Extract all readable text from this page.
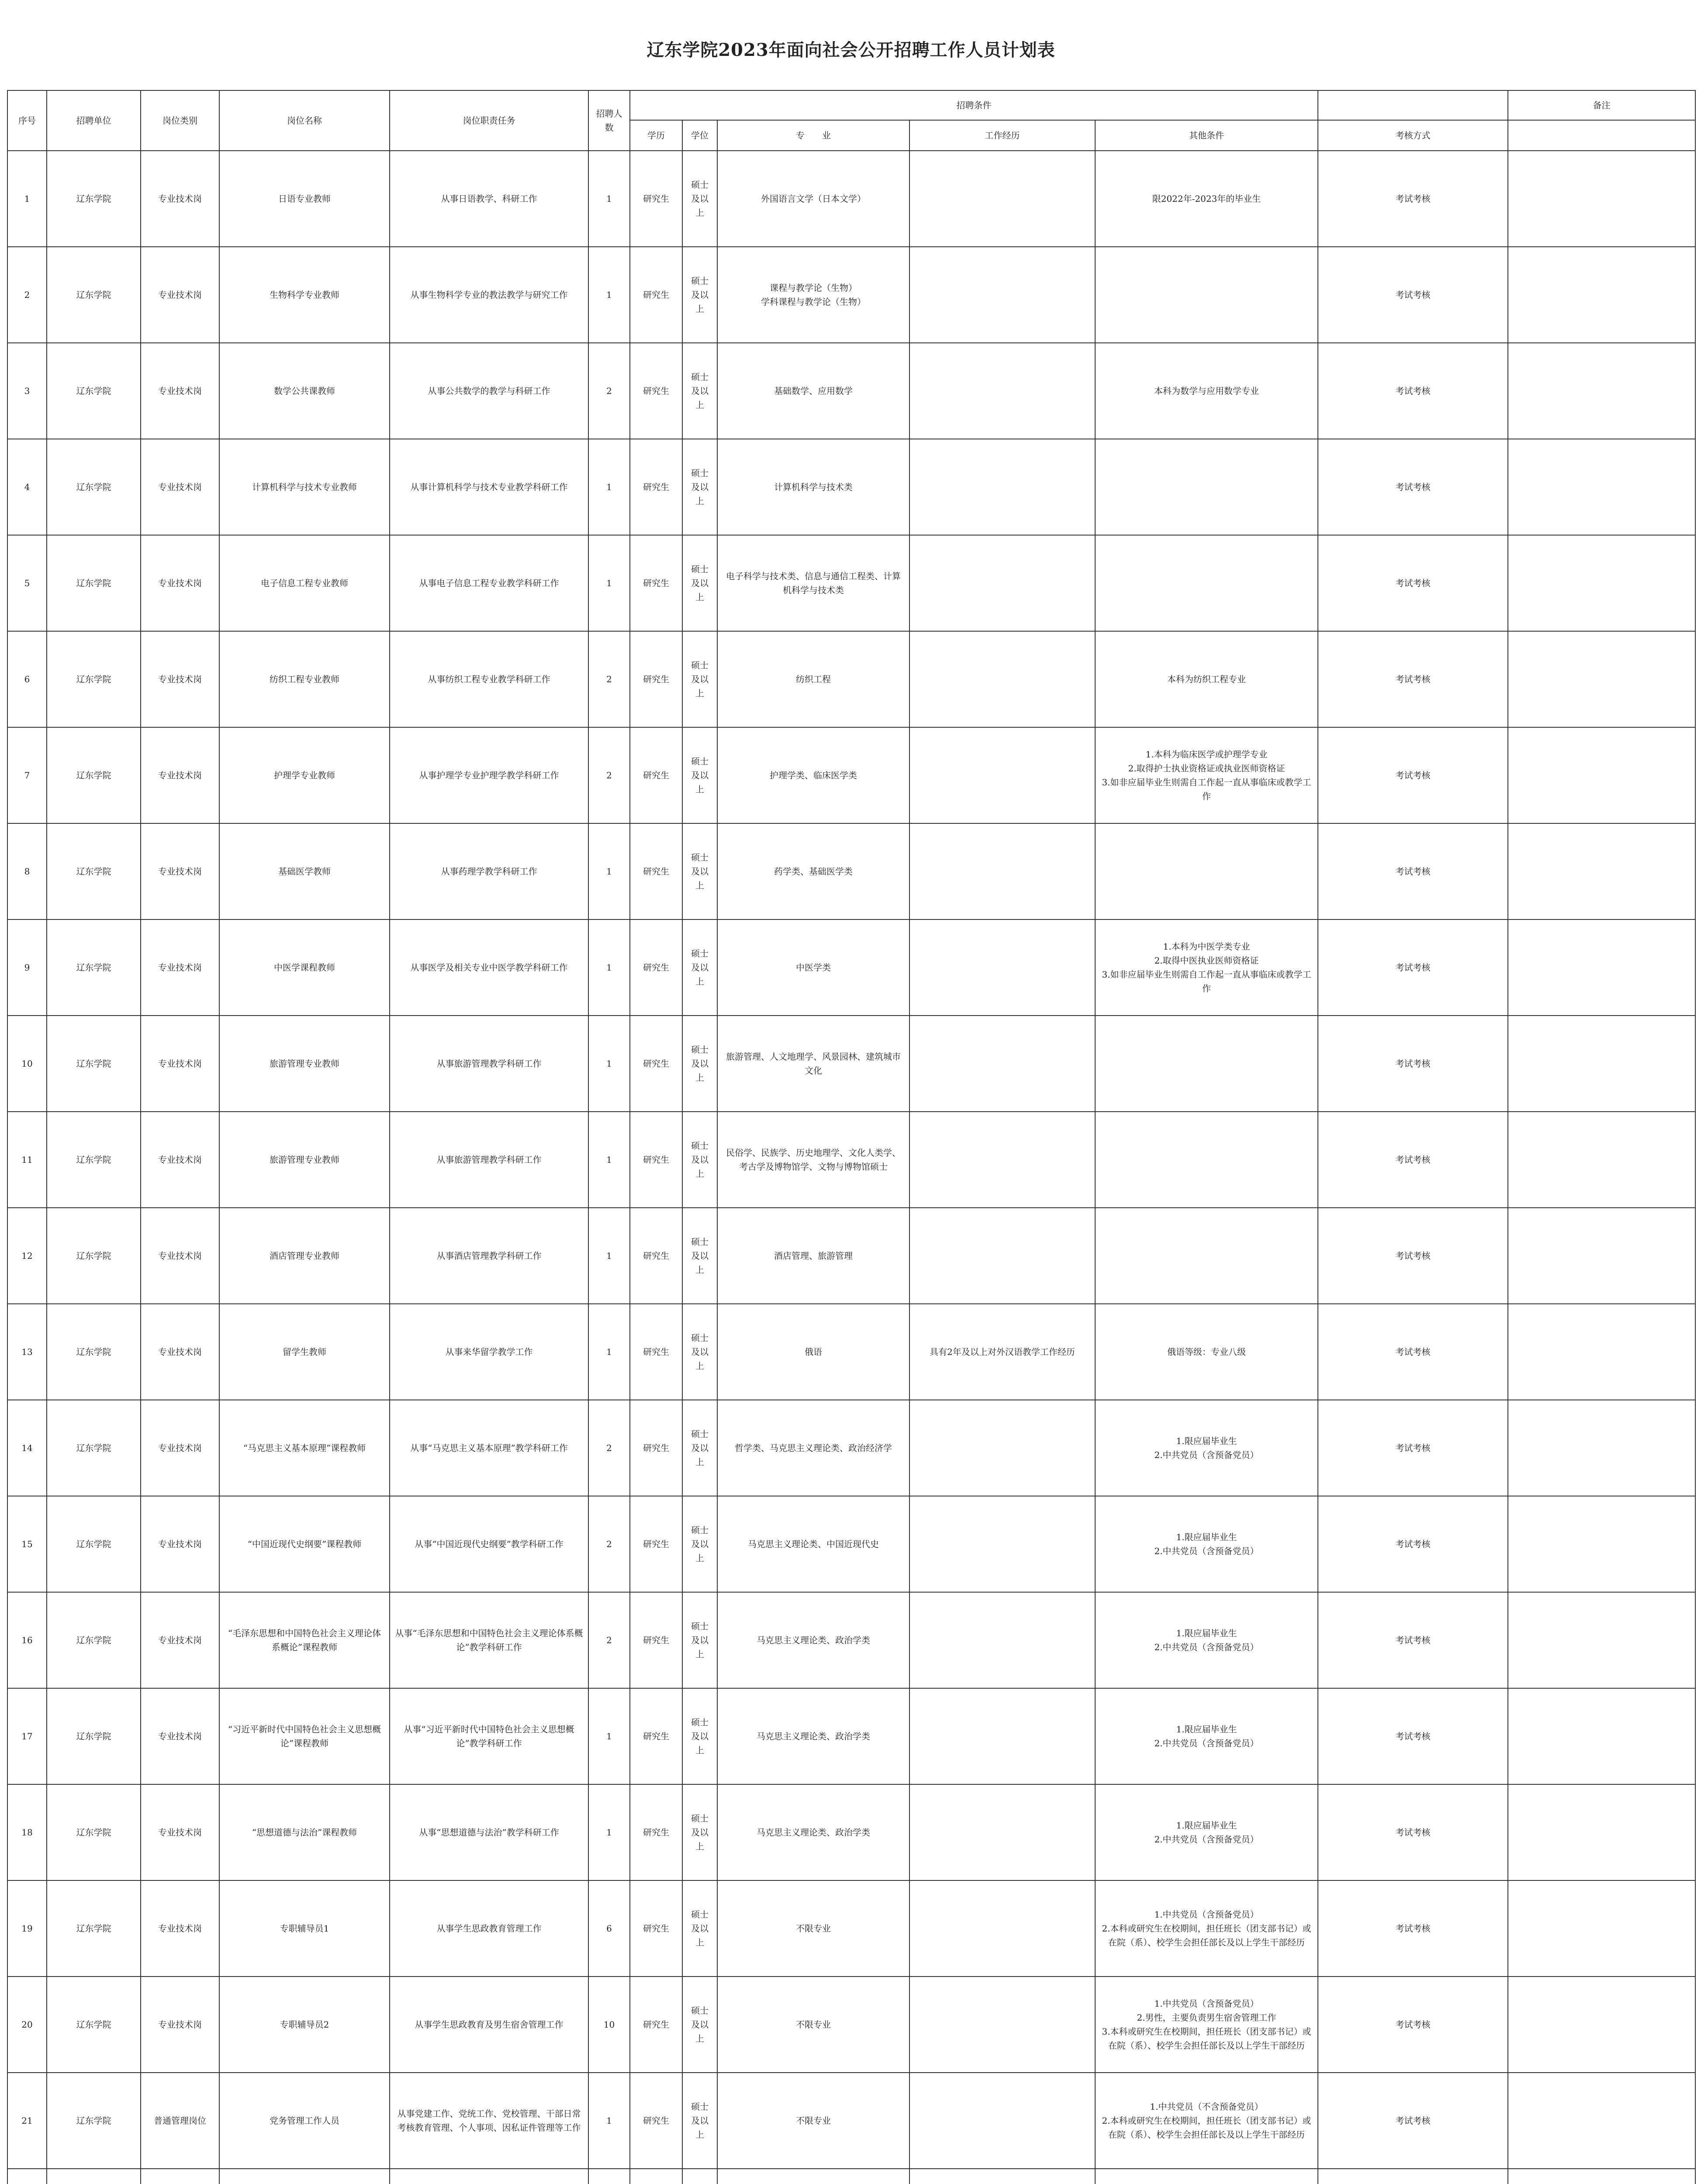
辽东学院2023年面向社会公开招聘工作人员计划表
序号	招聘单位	岗位类别	岗位名称	岗位职责任务	招聘人数	招聘条件						备注
						学历	学位	专　　业	工作经历	其他条件	考核方式	
1	辽东学院	专业技术岗	日语专业教师	从事日语教学、科研工作	1	研究生	硕士及以上	外国语言文学（日本文学）		限2022年-2023年的毕业生	考试考核	
2	辽东学院	专业技术岗	生物科学专业教师	从事生物科学专业的教法教学与研究工作	1	研究生	硕士及以上	课程与教学论（生物）
学科课程与教学论（生物）			考试考核	
3	辽东学院	专业技术岗	数学公共课教师	从事公共数学的教学与科研工作	2	研究生	硕士及以上	基础数学、应用数学		本科为数学与应用数学专业	考试考核	
4	辽东学院	专业技术岗	计算机科学与技术专业教师	从事计算机科学与技术专业教学科研工作	1	研究生	硕士及以上	计算机科学与技术类			考试考核	
5	辽东学院	专业技术岗	电子信息工程专业教师	从事电子信息工程专业教学科研工作	1	研究生	硕士及以上	电子科学与技术类、信息与通信工程类、计算机科学与技术类			考试考核	
6	辽东学院	专业技术岗	纺织工程专业教师	从事纺织工程专业教学科研工作	2	研究生	硕士及以上	纺织工程		本科为纺织工程专业	考试考核	
7	辽东学院	专业技术岗	护理学专业教师	从事护理学专业护理学教学科研工作	2	研究生	硕士及以上	护理学类、临床医学类		1.本科为临床医学或护理学专业
2.取得护士执业资格证或执业医师资格证
3.如非应届毕业生则需自工作起一直从事临床或教学工作	考试考核	
8	辽东学院	专业技术岗	基础医学教师	从事药理学教学科研工作	1	研究生	硕士及以上	药学类、基础医学类			考试考核	
9	辽东学院	专业技术岗	中医学课程教师	从事医学及相关专业中医学教学科研工作	1	研究生	硕士及以上	中医学类		1.本科为中医学类专业
2.取得中医执业医师资格证
3.如非应届毕业生则需自工作起一直从事临床或教学工作	考试考核	
10	辽东学院	专业技术岗	旅游管理专业教师	从事旅游管理教学科研工作	1	研究生	硕士及以上	旅游管理、人文地理学、风景园林、建筑城市文化			考试考核	
11	辽东学院	专业技术岗	旅游管理专业教师	从事旅游管理教学科研工作	1	研究生	硕士及以上	民俗学、民族学、历史地理学、文化人类学、考古学及博物馆学、文物与博物馆硕士			考试考核	
12	辽东学院	专业技术岗	酒店管理专业教师	从事酒店管理教学科研工作	1	研究生	硕士及以上	酒店管理、旅游管理			考试考核	
13	辽东学院	专业技术岗	留学生教师	从事来华留学教学工作	1	研究生	硕士及以上	俄语	具有2年及以上对外汉语教学工作经历	俄语等级：专业八级	考试考核	
14	辽东学院	专业技术岗	“马克思主义基本原理”课程教师	从事“马克思主义基本原理”教学科研工作	2	研究生	硕士及以上	哲学类、马克思主义理论类、政治经济学		1.限应届毕业生
2.中共党员（含预备党员）	考试考核	
15	辽东学院	专业技术岗	“中国近现代史纲要”课程教师	从事“中国近现代史纲要”教学科研工作	2	研究生	硕士及以上	马克思主义理论类、中国近现代史		1.限应届毕业生
2.中共党员（含预备党员）	考试考核	
16	辽东学院	专业技术岗	“毛泽东思想和中国特色社会主义理论体系概论”课程教师	从事“毛泽东思想和中国特色社会主义理论体系概论”教学科研工作	2	研究生	硕士及以上	马克思主义理论类、政治学类		1.限应届毕业生
2.中共党员（含预备党员）	考试考核	
17	辽东学院	专业技术岗	“习近平新时代中国特色社会主义思想概论”课程教师	从事“习近平新时代中国特色社会主义思想概论”教学科研工作	1	研究生	硕士及以上	马克思主义理论类、政治学类		1.限应届毕业生
2.中共党员（含预备党员）	考试考核	
18	辽东学院	专业技术岗	“思想道德与法治”课程教师	从事“思想道德与法治”教学科研工作	1	研究生	硕士及以上	马克思主义理论类、政治学类		1.限应届毕业生
2.中共党员（含预备党员）	考试考核	
19	辽东学院	专业技术岗	专职辅导员1	从事学生思政教育管理工作	6	研究生	硕士及以上	不限专业		1.中共党员（含预备党员）
2.本科或研究生在校期间，担任班长（团支部书记）或在院（系）、校学生会担任部长及以上学生干部经历	考试考核	
20	辽东学院	专业技术岗	专职辅导员2	从事学生思政教育及男生宿舍管理工作	10	研究生	硕士及以上	不限专业		1.中共党员（含预备党员）
2.男性，主要负责男生宿舍管理工作
3.本科或研究生在校期间，担任班长（团支部书记）或在院（系）、校学生会担任部长及以上学生干部经历	考试考核	
21	辽东学院	普通管理岗位	党务管理工作人员	从事党建工作、党统工作、党校管理、干部日常考核教育管理、个人事项、因私证件管理等工作	1	研究生	硕士及以上	不限专业		1.中共党员（不含预备党员）
2.本科或研究生在校期间，担任班长（团支部书记）或在院（系）、校学生会担任部长及以上学生干部经历	考试考核	
